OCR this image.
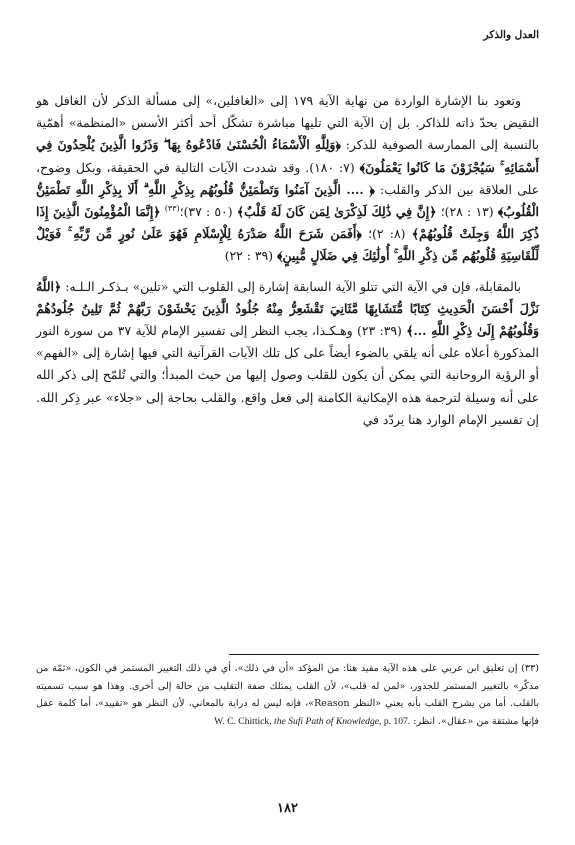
العدل والذكر

وتعود بنا الإشارة الواردة من نهاية الآية ١٧٩ إلى «الغافلين،» إلى مسألة الذكر لأن الغافل هو النقيض بحدّ ذاته للذاكر. بل إن الآية التي تليها مباشرة تشكّل أحد أكثر الأسس «المنظمة» أهمّية بالنسبة إلى الممارسة الصوفية للذكر: ﴿وَلِلَّهِ الْأَسْمَاءُ الْحُسْنَىٰ فَادْعُوهُ بِهَا ۖ وَذَرُوا الَّذِينَ يُلْحِدُونَ فِي أَسْمَائِهِ ۚ سَيُجْزَوْنَ مَا كَانُوا يَعْمَلُونَ﴾ (٧: ١٨٠). وقد شددت الآيات التالية في الحقيقة، وبكل وضوح، على العلاقة بين الذكر والقلب: ﴿ .... الَّذِينَ آمَنُوا وَتَطْمَئِنُّ قُلُوبُهُم بِذِكْرِ اللَّهِ ۗ أَلَا بِذِكْرِ اللَّهِ تَطْمَئِنُّ الْقُلُوبُ﴾ (١٣ : ٢٨)؛ ﴿إِنَّ فِي ذَٰلِكَ لَذِكْرَىٰ لِمَن كَانَ لَهُ قَلْبٌ﴾ (٥٠ : ٣٧)؛$^{(٣٣)}$ ﴿إِنَّمَا الْمُؤْمِنُونَ الَّذِينَ إِذَا ذُكِرَ اللَّهُ وَجِلَتْ قُلُوبُهُمْ﴾ (٨: ٢)؛ ﴿أَفَمَن شَرَحَ اللَّهُ صَدْرَهُ لِلْإِسْلَامِ فَهُوَ عَلَىٰ نُورٍ مِّن رَّبِّهِ ۚ فَوَيْلٌ لِّلْقَاسِيَةِ قُلُوبُهُم مِّن ذِكْرِ اللَّهِ ۚ أُولَٰئِكَ فِي ضَلَالٍ مُّبِينٍ﴾ (٣٩ : ٢٢)

بالمقابلة، فإن في الآية التي تتلو الآية السابقة إشارة إلى القلوب التي «تلين» بـذكـر الـلـه: ﴿اللَّهُ نَزَّلَ أَحْسَنَ الْحَدِيثِ كِتَابًا مُّتَشَابِهًا مَّثَانِيَ تَقْشَعِرُّ مِنْهُ جُلُودُ الَّذِينَ يَخْشَوْنَ رَبَّهُمْ ثُمَّ تَلِينُ جُلُودُهُمْ وَقُلُوبُهُمْ إِلَىٰ ذِكْرِ اللَّهِ ...﴾ (٣٩: ٢٣) وهـكـذا، يجب النظر إلى تفسير الإمام للآية ٣٧ من سورة النور المذكورة أعلاه على أنه يلقي بالضوء أيضاً على كل تلك الآيات القرآنية التي فيها إشارة إلى «الفهم» أو الرؤية الروحانية التي يمكن أن يكون للقلب وصول إليها من حيث المبدأ؛ والتي تُلمّح إلى ذكر الله على أنه وسيلة لترجمة هذه الإمكانية الكامنة إلى فعل واقع. والقلب بحاجة إلى «جلاء» عبر ذِكر الله. إن تفسير الإمام الوارد هنا يردّد في

(٣٣) إن تعليق ابن عربي على هذه الآية مفيد هنا: من المؤكد «أن في ذلك»، أي في ذلك التغيير المستمر في الكون، «ثمّة من مذكّر» بالتغيير المستمر للجذور، «لمن له قلب»، لأن القلب يمتلك صفة التقليب من حالة إلى أخرى. وهذا هو سبب تسميته بالقلب. أما من يشرح القلب بأنه يعني «النظر Reason»، فإنه ليس له دراية بالمعاني، لأن النظر هو «تقييد»، أما كلمة عقل فإنها مشتقة من «عقال». انظر: W. C. Chittick, the Sufi Path of Knowledge, p. 107.

١٨٢
